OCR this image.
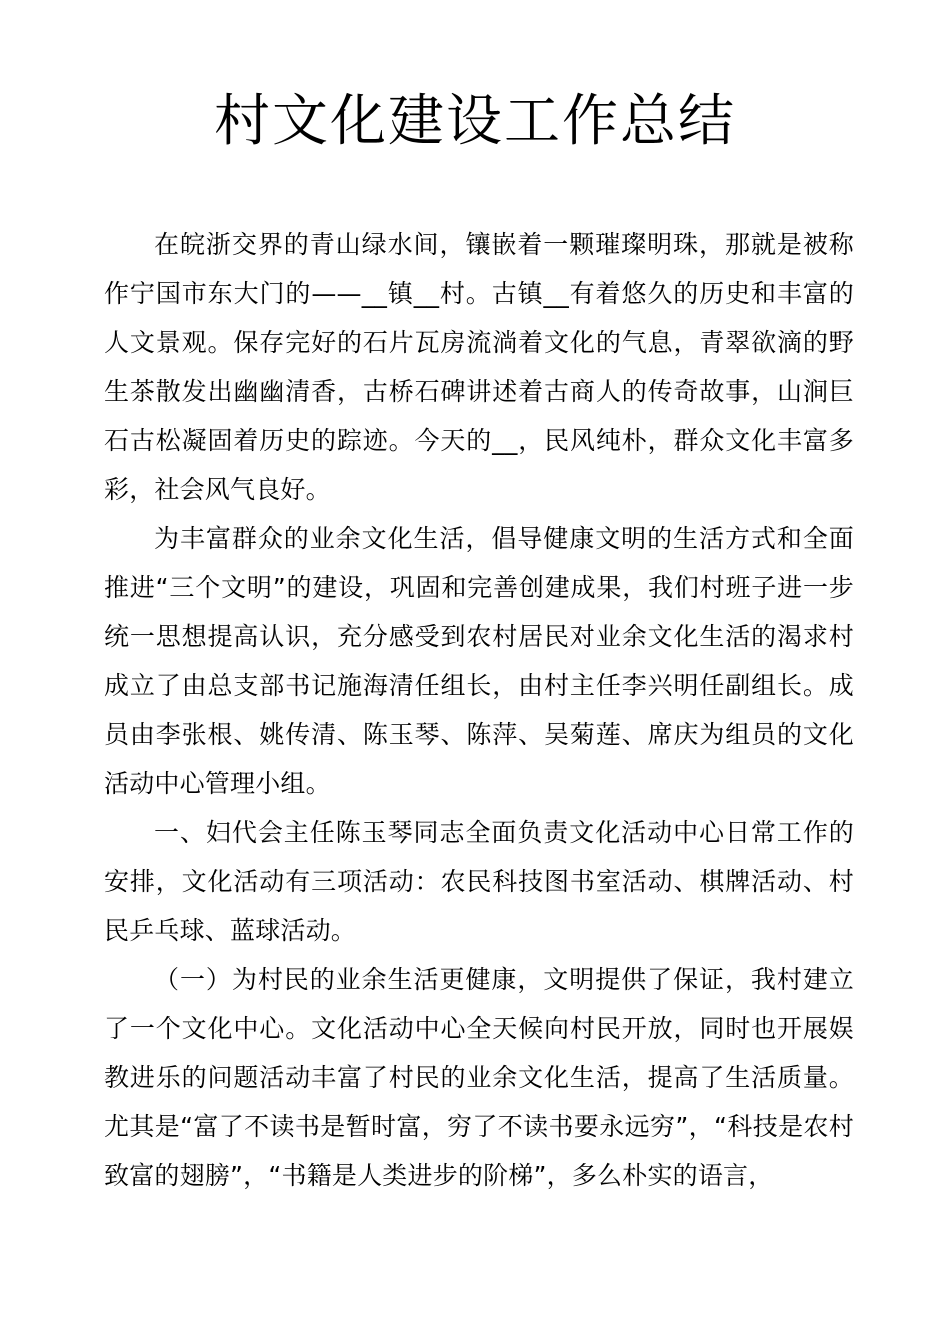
村文化建设工作总结

在皖浙交界的青山绿水间，镶嵌着一颗璀璨明珠，那就是被称作宁国市东大门的——__镇__村。古镇__有着悠久的历史和丰富的人文景观。保存完好的石片瓦房流淌着文化的气息，青翠欲滴的野生茶散发出幽幽清香，古桥石碑讲述着古商人的传奇故事，山涧巨石古松凝固着历史的踪迹。今天的__，民风纯朴，群众文化丰富多彩，社会风气良好。

为丰富群众的业余文化生活，倡导健康文明的生活方式和全面推进“三个文明”的建设，巩固和完善创建成果，我们村班子进一步统一思想提高认识，充分感受到农村居民对业余文化生活的渴求村成立了由总支部书记施海清任组长，由村主任李兴明任副组长。成员由李张根、姚传清、陈玉琴、陈萍、吴菊莲、席庆为组员的文化活动中心管理小组。

一、妇代会主任陈玉琴同志全面负责文化活动中心日常工作的安排，文化活动有三项活动：农民科技图书室活动、棋牌活动、村民乒乓球、蓝球活动。

（一）为村民的业余生活更健康，文明提供了保证，我村建立了一个文化中心。文化活动中心全天候向村民开放，同时也开展娱教进乐的问题活动丰富了村民的业余文化生活，提高了生活质量。尤其是“富了不读书是暂时富，穷了不读书要永远穷”，“科技是农村致富的翅膀”，“书籍是人类进步的阶梯”，多么朴实的语言，
